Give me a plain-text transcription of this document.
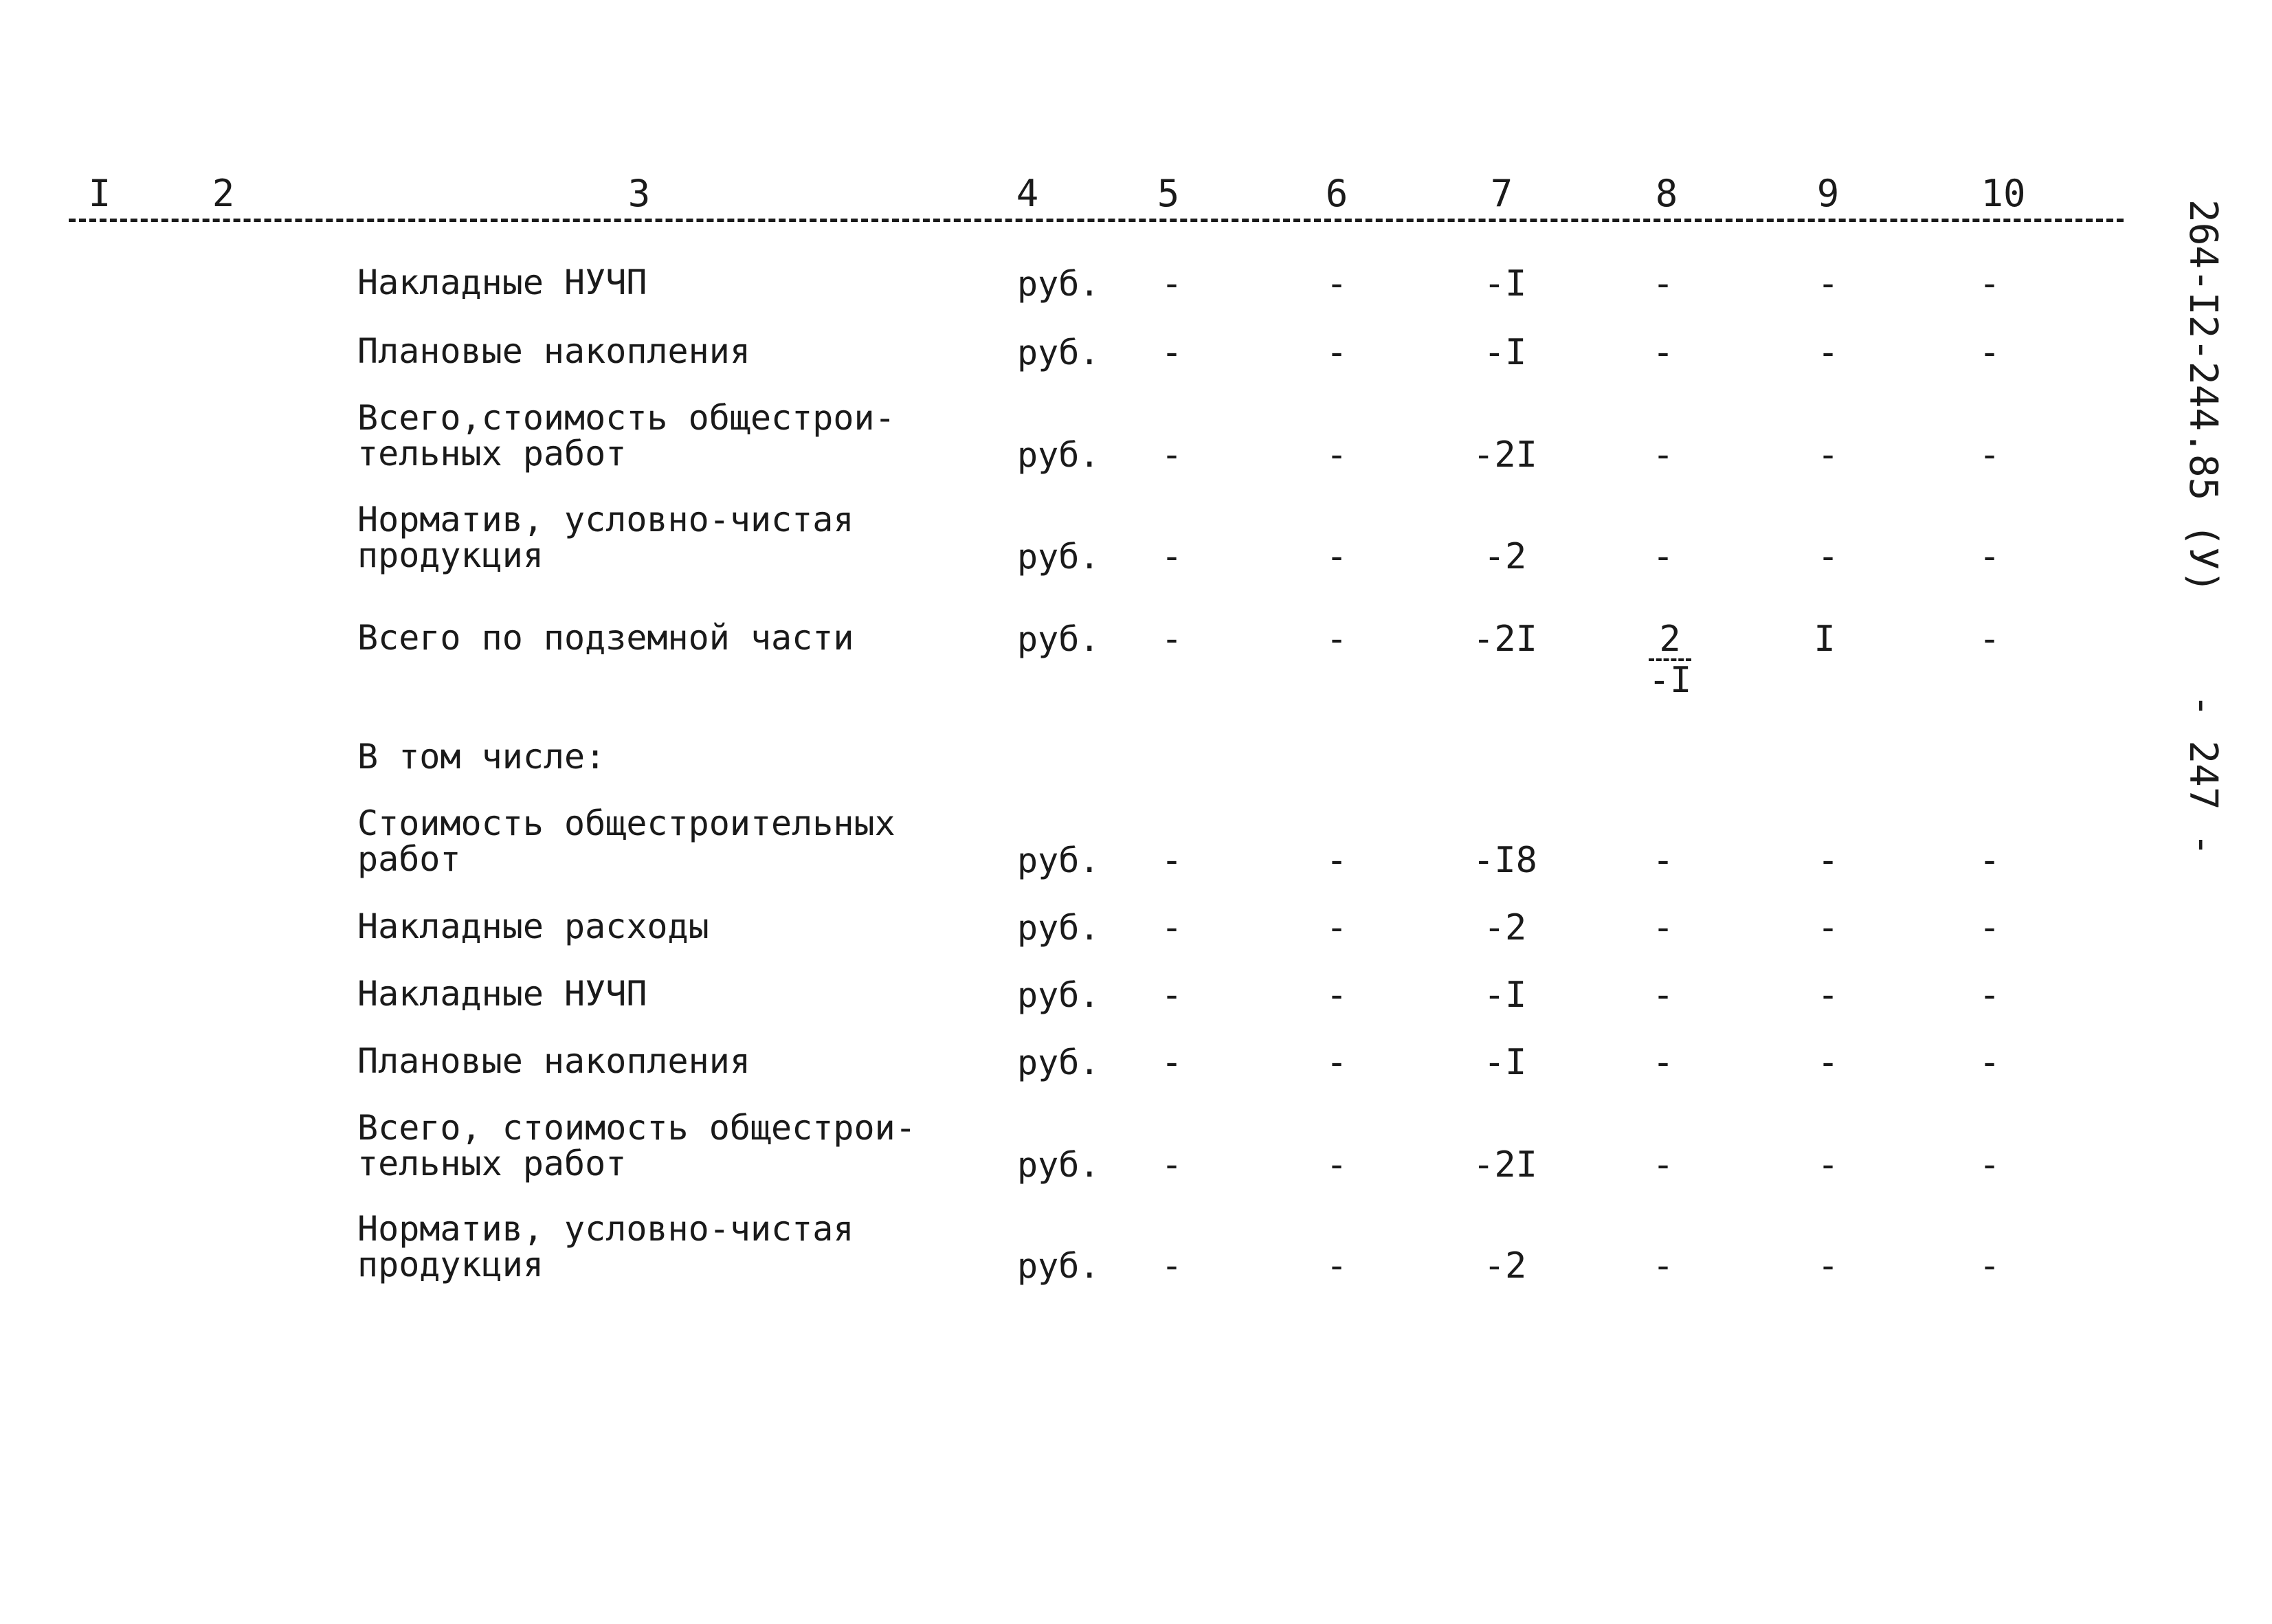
I	2	3	4	5	6	7	8	9	10
Накладные НУЧП	руб.	-	-	-I	-	-	-
Плановые накопления	руб.	-	-	-I	-	-	-
Всего,стоимость общестрои-
тельных работ	руб.	-	-	-2I	-	-	-
Норматив, условно-чистая
продукция	руб.	-	-	-2	-	-	-
Всего по подземной части	руб.	-	-	-2I	$\frac{2}{-I}$	I	-
В том числе:
Стоимость общестроительных
работ	руб.	-	-	-I8	-	-	-
Накладные расходы	руб.	-	-	-2	-	-	-
Накладные НУЧП	руб.	-	-	-I	-	-	-
Плановые накопления	руб.	-	-	-I	-	-	-
Всего, стоимость общестрои-
тельных работ	руб.	-	-	-2I	-	-	-
Норматив, условно-чистая
продукция	руб.	-	-	-2	-	-	-
264-I2-244.85 (У)
- 247 -
